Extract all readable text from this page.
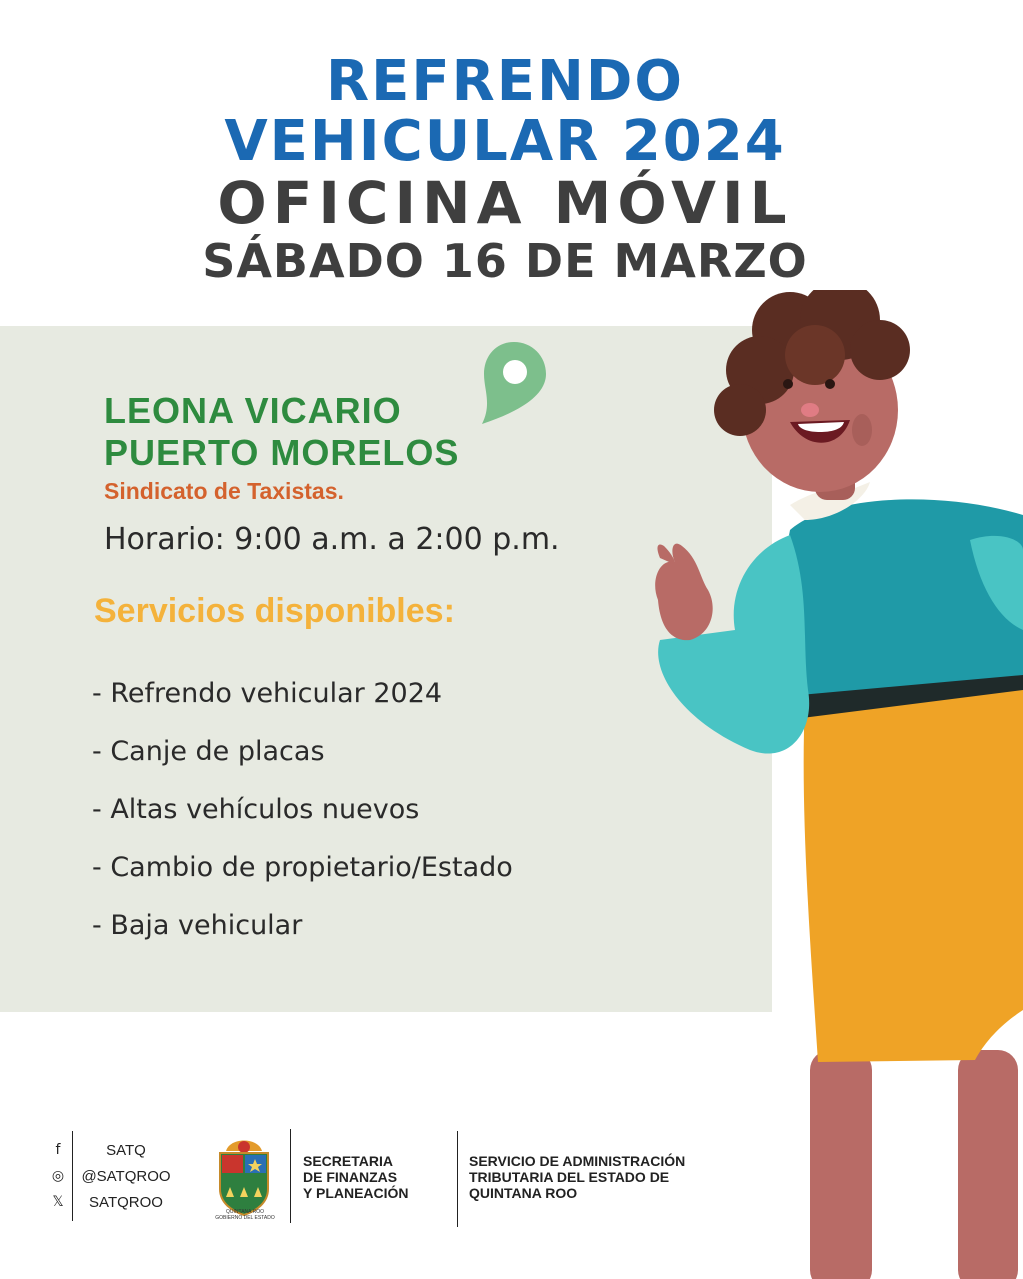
REFRENDO

VEHICULAR 2024

OFICINA MÓVIL

SÁBADO 16 DE MARZO

LEONA VICARIO
PUERTO MORELOS

Sindicato de Taxistas.
Horario: 9:00 a.m. a 2:00 p.m.
Servicios disponibles:
- Refrendo vehicular 2024
- Canje de placas
- Altas vehículos nuevos
- Cambio de propietario/Estado
- Baja vehicular
f	SATQ
◎	@SATQROO
𝕏	SATQROO
QUINTANA ROO
GOBIERNO DEL ESTADO

SECRETARIA
DE FINANZAS
Y PLANEACIÓN

SERVICIO DE ADMINISTRACIÓN
TRIBUTARIA DEL ESTADO DE
QUINTANA ROO
